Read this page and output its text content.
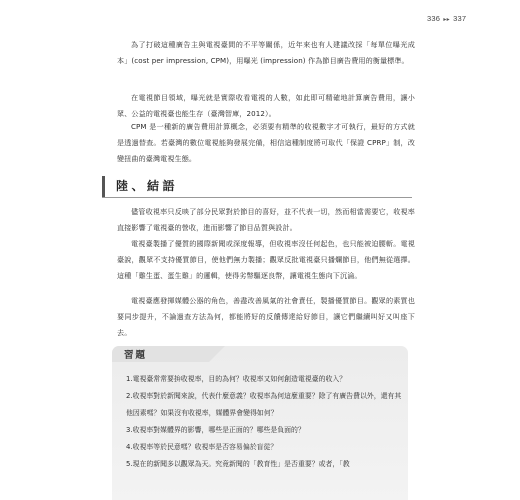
336 ▸▸ 337

為了打破這種廣告主與電視臺間的不平等關係，近年來也有人建議改採「每單位曝光成本」(cost per impression, CPM)，用曝光 (impression) 作為節目廣告費用的衡量標準。

在電視節目領域，曝光就是實際收看電視的人數，如此即可精確地計算廣告費用，讓小眾、公益的電視臺也能生存（臺灣智庫，2012）。

CPM 是一種新的廣告費用計算概念，必須要有精準的收視數字才可執行，最好的方式就是透過替查。若臺灣的數位電視能夠發展完備，相信這種制度將可取代「保證 CPRP」制，改變扭曲的臺灣電視生態。

陸、結語

儘管收視率只反映了部分民眾對於節目的喜好，並不代表一切，然而相當需要它，收視率直接影響了電視臺的營收，進而影響了節目品質與設計。

電視臺製播了優質的國際新聞或深度報導，但收視率沒任何起色，也只能被迫腰斬。電視臺說，觀眾不支持優質節目，使他們無力製播；觀眾反批電視臺只播爛節目，他們無從選擇。這種「雞生蛋、蛋生雞」的邏輯，使得劣幣驅逐良幣，讓電視生態向下沉淪。

電視臺應發揮媒體公器的角色，善盡改善風氣的社會責任，製播優質節目。觀眾的素質也要同步提升，不論過查方法為何，都能將好的反饋傳達給好節目，讓它們繼續叫好又叫座下去。

習題

1.電視臺常常要拚收視率，目的為何？收視率又如何創造電視臺的收入？

2.收視率對於新聞來說，代表什麼意義？收視率為何這麼重要？除了有廣告費以外，還有其他因素嗎？如果沒有收視率，媒體界會變得如何？

3.收視率對媒體界的影響，哪些是正面的？哪些是負面的？

4.收視率等於民意嗎？收視率是否容易偏於盲從？

5.現在的新聞多以觀眾為天。究竟新聞的「教育性」是否重要？或者，「教
